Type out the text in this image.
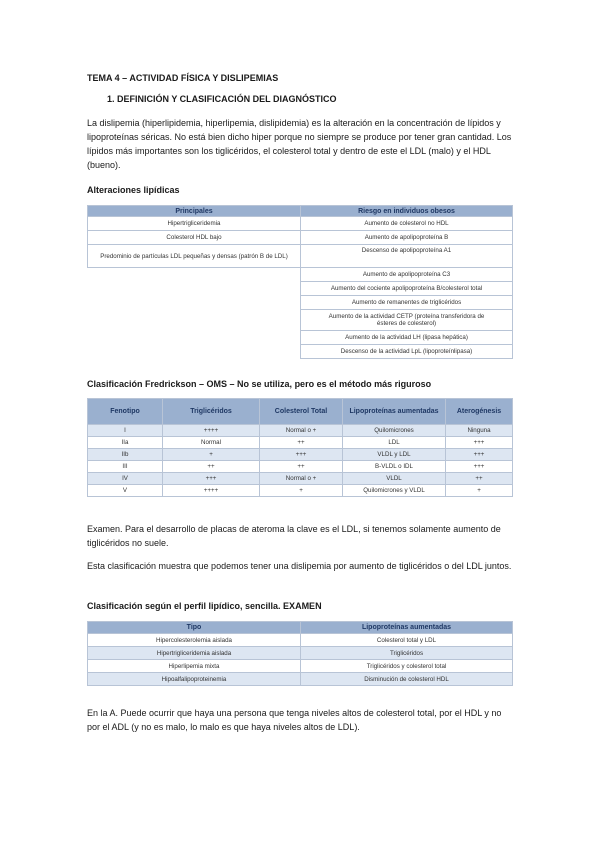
TEMA 4 – ACTIVIDAD FÍSICA Y DISLIPEMIAS

1. DEFINICIÓN Y CLASIFICACIÓN DEL DIAGNÓSTICO

La dislipemia (hiperlipidemia, hiperlipemia, dislipidemia) es la alteración en la concentración de lípidos y lipoproteínas séricas. No está bien dicho hiper porque no siempre se produce por tener gran cantidad. Los lípidos más importantes son los tiglicéridos, el colesterol total y dentro de este el LDL (malo) y el HDL (bueno).

Alteraciones lipídicas

Principales	Riesgo en individuos obesos
Hipertrigliceridemia	Aumento de colesterol no HDL
Colesterol HDL bajo	Aumento de apolipoproteína B
Predominio de partículas LDL pequeñas y densas (patrón B de LDL)	Descenso de apolipoproteína A1
	Aumento de apolipoproteína C3
	Aumento del cociente apolipoproteína B/colesterol total
	Aumento de remanentes de triglicéridos
	Aumento de la actividad CETP (proteína transferidora de ésteres de colesterol)
	Aumento de la actividad LH (lipasa hepática)
	Descenso de la actividad LpL (lipoproteínlipasa)

Clasificación Fredrickson – OMS – No se utiliza, pero es el método más riguroso

Fenotipo	Triglicéridos	Colesterol Total	Lipoproteínas aumentadas	Aterogénesis
I	++++	Normal o +	Quilomicrones	Ninguna
IIa	Normal	++	LDL	+++
IIb	+	+++	VLDL y LDL	+++
III	++	++	B-VLDL o IDL	+++
IV	+++	Normal o +	VLDL	++
V	++++	+	Quilomicrones y VLDL	+

Examen. Para el desarrollo de placas de ateroma la clave es el LDL, si tenemos solamente aumento de tiglicéridos no suele.

Esta clasificación muestra que podemos tener una dislipemia por aumento de tiglicéridos o del LDL juntos.

Clasificación según el perfil lipídico, sencilla. EXAMEN

Tipo	Lipoproteínas aumentadas
Hipercolesterolemia aislada	Colesterol total y LDL
Hipertrigliceridemia aislada	Triglicéridos
Hiperlipemia mixta	Triglicéridos y colesterol total
Hipoalfalipoproteinemia	Disminución de colesterol HDL

En la A. Puede ocurrir que haya una persona que tenga niveles altos de colesterol total, por el HDL y no por el ADL (y no es malo, lo malo es que haya niveles altos de LDL).
